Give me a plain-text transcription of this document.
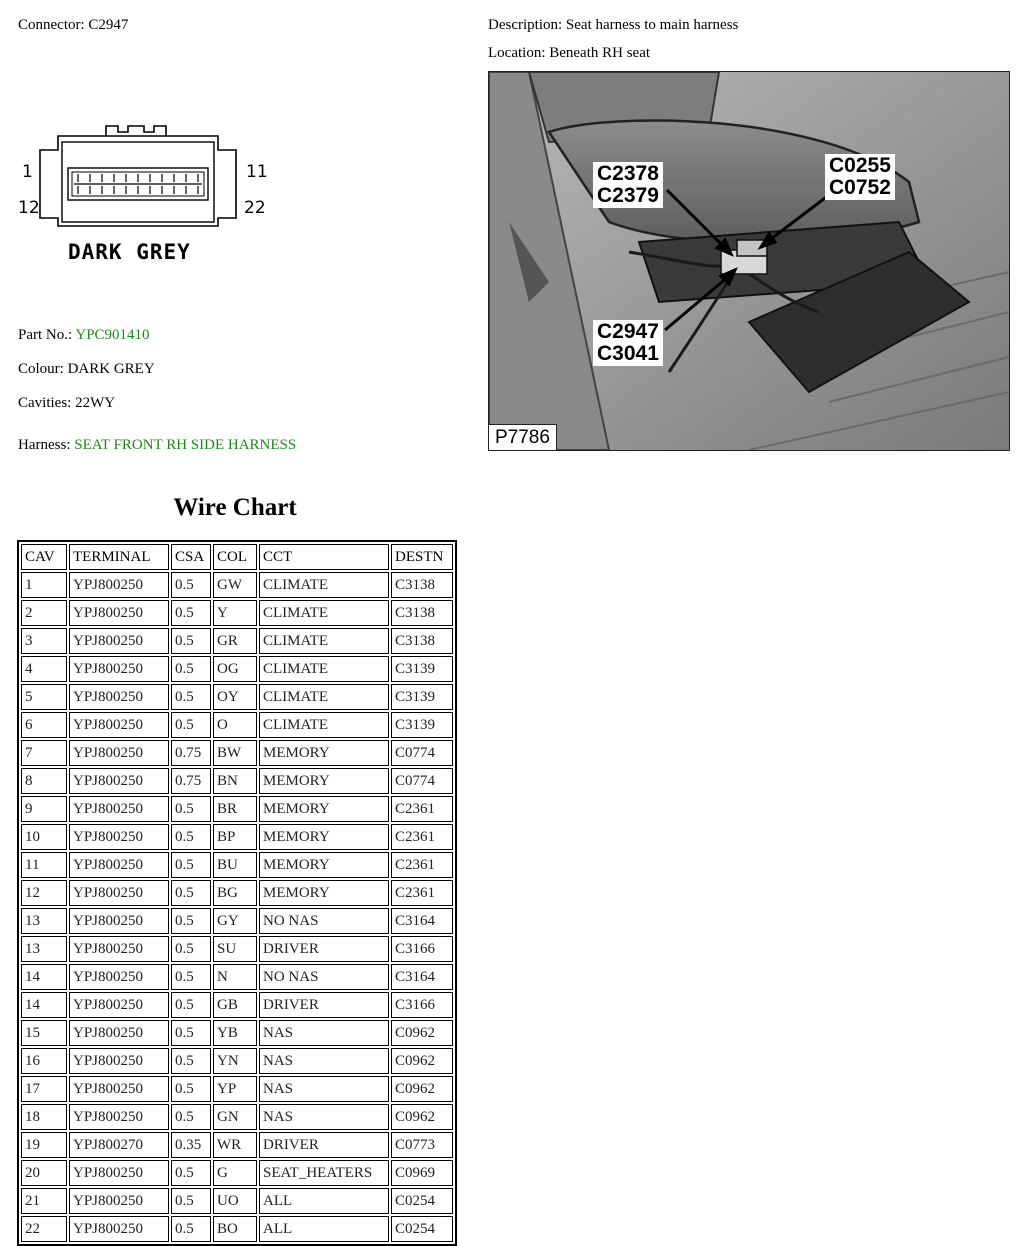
Connector: C2947	Description: Seat harness to main harness
Location: Beneath RH seat
1	11
12	22
DARK GREY
Part No.: YPC901410
Colour: DARK GREY
Cavities: 22WY
Harness: SEAT FRONT RH SIDE HARNESS
C2378
C2379
C0255
C0752
C2947
C3041
P7786
Wire Chart
CAV	TERMINAL	CSA	COL	CCT	DESTN
1	YPJ800250	0.5	GW	CLIMATE	C3138
2	YPJ800250	0.5	Y	CLIMATE	C3138
3	YPJ800250	0.5	GR	CLIMATE	C3138
4	YPJ800250	0.5	OG	CLIMATE	C3139
5	YPJ800250	0.5	OY	CLIMATE	C3139
6	YPJ800250	0.5	O	CLIMATE	C3139
7	YPJ800250	0.75	BW	MEMORY	C0774
8	YPJ800250	0.75	BN	MEMORY	C0774
9	YPJ800250	0.5	BR	MEMORY	C2361
10	YPJ800250	0.5	BP	MEMORY	C2361
11	YPJ800250	0.5	BU	MEMORY	C2361
12	YPJ800250	0.5	BG	MEMORY	C2361
13	YPJ800250	0.5	GY	NO NAS	C3164
13	YPJ800250	0.5	SU	DRIVER	C3166
14	YPJ800250	0.5	N	NO NAS	C3164
14	YPJ800250	0.5	GB	DRIVER	C3166
15	YPJ800250	0.5	YB	NAS	C0962
16	YPJ800250	0.5	YN	NAS	C0962
17	YPJ800250	0.5	YP	NAS	C0962
18	YPJ800250	0.5	GN	NAS	C0962
19	YPJ800270	0.35	WR	DRIVER	C0773
20	YPJ800250	0.5	G	SEAT_HEATERS	C0969
21	YPJ800250	0.5	UO	ALL	C0254
22	YPJ800250	0.5	BO	ALL	C0254
